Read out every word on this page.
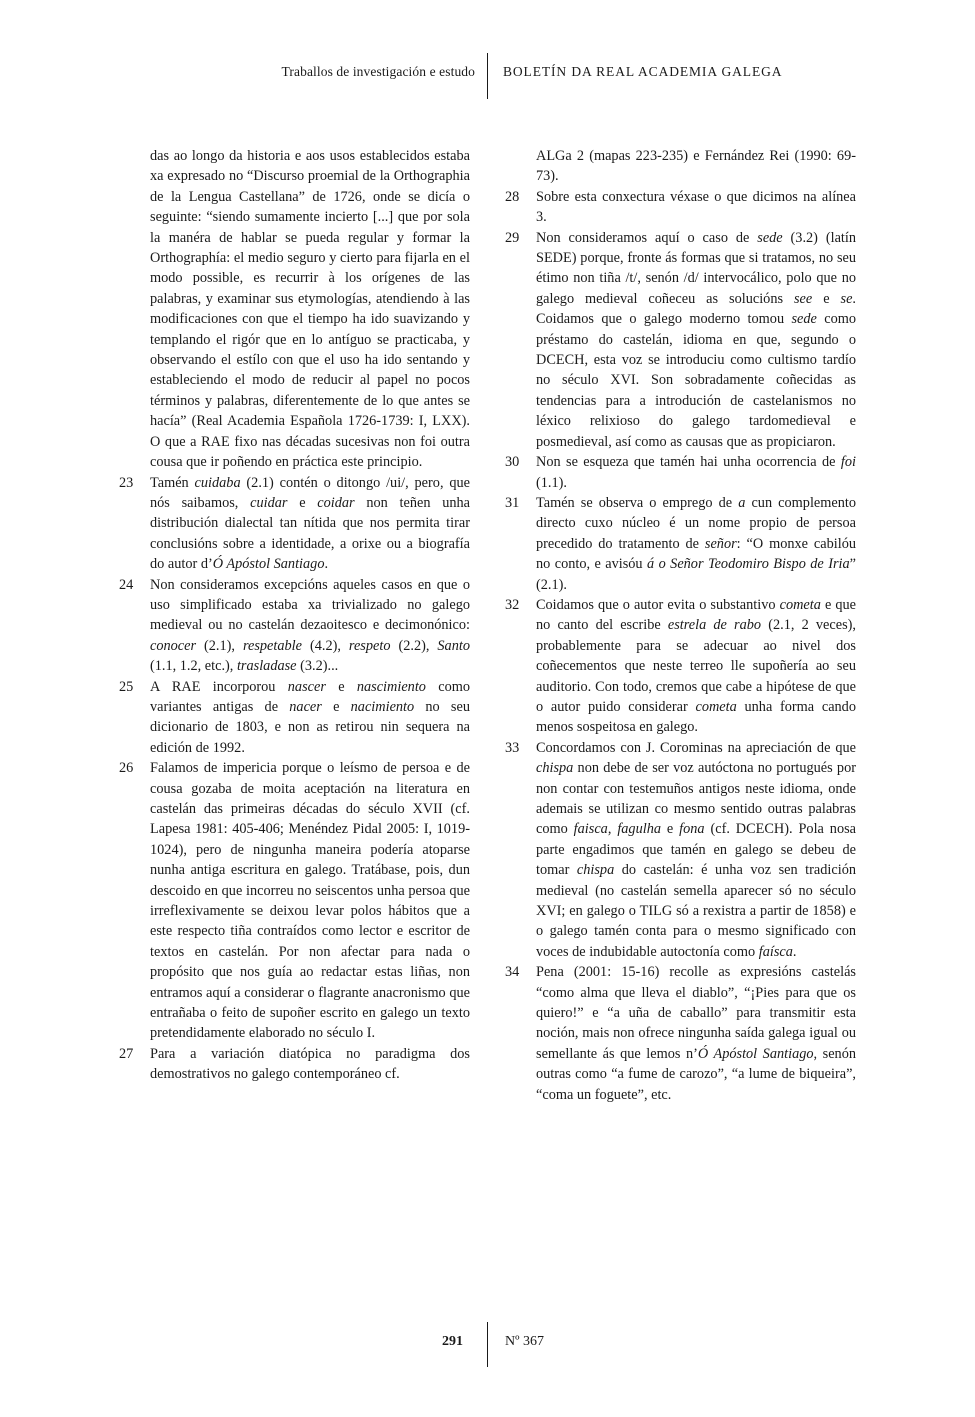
Traballos de investigación e estudo BOLETÍN DA REAL ACADEMIA GALEGA
das ao longo da historia e aos usos establecidos estaba xa expresado no “Discurso proemial de la Orthographia de la Lengua Castellana” de 1726, onde se dicía o seguinte: “siendo sumamente incierto [...] que por sola la manéra de hablar se pueda regular y formar la Orthographía: el medio seguro y cierto para fijarla en el modo possible, es recurrir à los orígenes de las palabras, y examinar sus etymologías, atendiendo à las modificaciones con que el tiempo ha ido suavizando y templando el rigór que en lo antíguo se practicaba, y observando el estílo con que el uso ha ido sentando y estableciendo el modo de reducir al papel no pocos términos y palabras, diferentemente de lo que antes se hacía” (Real Academia Española 1726-1739: I, LXX). O que a RAE fixo nas décadas sucesivas non foi outra cousa que ir poñendo en práctica este principio.
23 Tamén cuidaba (2.1) contén o ditongo /ui/, pero, que nós saibamos, cuidar e coidar non teñen unha distribución dialectal tan nítida que nos permita tirar conclusións sobre a identidade, a orixe ou a biografía do autor d’Ó Apóstol Santiago.
24 Non consideramos excepcións aqueles casos en que o uso simplificado estaba xa trivializado no galego medieval ou no castelán dezaoitesco e decimonónico: conocer (2.1), respetable (4.2), respeto (2.2), Santo (1.1, 1.2, etc.), trasladase (3.2)...
25 A RAE incorporou nascer e nascimiento como variantes antigas de nacer e nacimiento no seu dicionario de 1803, e non as retirou nin sequera na edición de 1992.
26 Falamos de impericia porque o leísmo de persoa e de cousa gozaba de moita aceptación na literatura en castelán das primeiras décadas do século XVII (cf. Lapesa 1981: 405-406; Menéndez Pidal 2005: I, 1019-1024), pero de ningunha maneira podería atoparse nunha antiga escritura en galego. Tratábase, pois, dun descoido en que incorreu no seiscentos unha persoa que irreflexivamente se deixou levar polos hábitos que a este respecto tiña contraídos como lector e escritor de textos en castelán. Por non afectar para nada o propósito que nos guía ao redactar estas liñas, non entramos aquí a considerar o flagrante anacronismo que entrañaba o feito de supoñer escrito en galego un texto pretendidamente elaborado no século I.
27 Para a variación diatópica no paradigma dos demostrativos no galego contemporáneo cf.
ALGa 2 (mapas 223-235) e Fernández Rei (1990: 69-73).
28 Sobre esta conxectura véxase o que dicimos na alínea 3.
29 Non consideramos aquí o caso de sede (3.2) (latín SEDE) porque, fronte ás formas que si tratamos, no seu étimo non tiña /t/, senón /d/ intervocálico, polo que no galego medieval coñeceu as solucións see e se. Coidamos que o galego moderno tomou sede como préstamo do castelán, idioma en que, segundo o DCECH, esta voz se introduciu como cultismo tardío no século XVI. Son sobradamente coñecidas as tendencias para a introdución de castelanismos no léxico relixioso do galego tardomedieval e posmedieval, así como as causas que as propiciaron.
30 Non se esqueza que tamén hai unha ocorrencia de foi (1.1).
31 Tamén se observa o emprego de a cun complemento directo cuxo núcleo é un nome propio de persoa precedido do tratamento de señor: “O monxe cabilóu no conto, e avisóu á o Señor Teodomiro Bispo de Iria” (2.1).
32 Coidamos que o autor evita o substantivo cometa e que no canto del escribe estrela de rabo (2.1, 2 veces), probablemente para se adecuar ao nivel dos coñecementos que neste terreo lle supoñería ao seu auditorio. Con todo, cremos que cabe a hipótese de que o autor puido considerar cometa unha forma cando menos sospeitosa en galego.
33 Concordamos con J. Corominas na apreciación de que chispa non debe de ser voz autóctona no portugués por non contar con testemuños antigos neste idioma, onde ademais se utilizan co mesmo sentido outras palabras como faisca, fagulha e fona (cf. DCECH). Pola nosa parte engadimos que tamén en galego se debeu de tomar chispa do castelán: é unha voz sen tradición medieval (no castelán semella aparecer só no século XVI; en galego o TILG só a rexistra a partir de 1858) e o galego tamén conta para o mesmo significado con voces de indubidable autoctonía como faísca.
34 Pena (2001: 15-16) recolle as expresións castelás “como alma que lleva el diablo”, “¡Pies para que os quiero!” e “a uña de caballo” para transmitir esta noción, mais non ofrece ningunha saída galega igual ou semellante ás que lemos n’Ó Apóstol Santiago, senón outras como “a fume de carozo”, “a lume de biqueira”, “coma un foguete”, etc.
291	Nº 367
